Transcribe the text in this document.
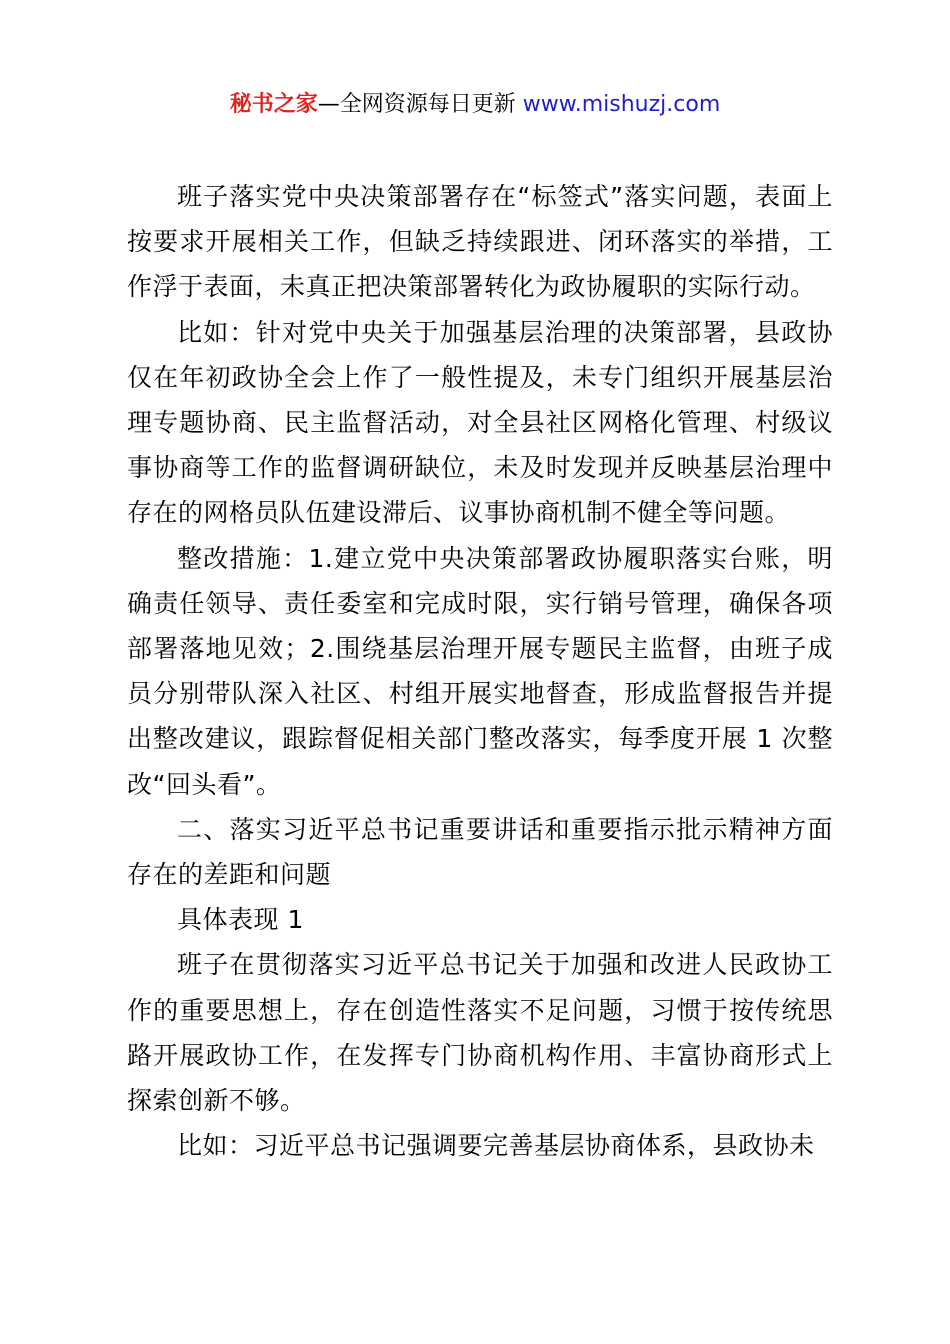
秘书之家—全网资源每日更新 www.mishuzj.com

班子落实党中央决策部署存在“标签式”落实问题，表面上按要求开展相关工作，但缺乏持续跟进、闭环落实的举措，工作浮于表面，未真正把决策部署转化为政协履职的实际行动。

比如：针对党中央关于加强基层治理的决策部署，县政协仅在年初政协全会上作了一般性提及，未专门组织开展基层治理专题协商、民主监督活动，对全县社区网格化管理、村级议事协商等工作的监督调研缺位，未及时发现并反映基层治理中存在的网格员队伍建设滞后、议事协商机制不健全等问题。

整改措施：1.建立党中央决策部署政协履职落实台账，明确责任领导、责任委室和完成时限，实行销号管理，确保各项部署落地见效；2.围绕基层治理开展专题民主监督，由班子成员分别带队深入社区、村组开展实地督查，形成监督报告并提出整改建议，跟踪督促相关部门整改落实，每季度开展 1 次整改“回头看”。

二、落实习近平总书记重要讲话和重要指示批示精神方面存在的差距和问题

具体表现 1

班子在贯彻落实习近平总书记关于加强和改进人民政协工作的重要思想上，存在创造性落实不足问题，习惯于按传统思路开展政协工作，在发挥专门协商机构作用、丰富协商形式上探索创新不够。

比如：习近平总书记强调要完善基层协商体系，县政协未
